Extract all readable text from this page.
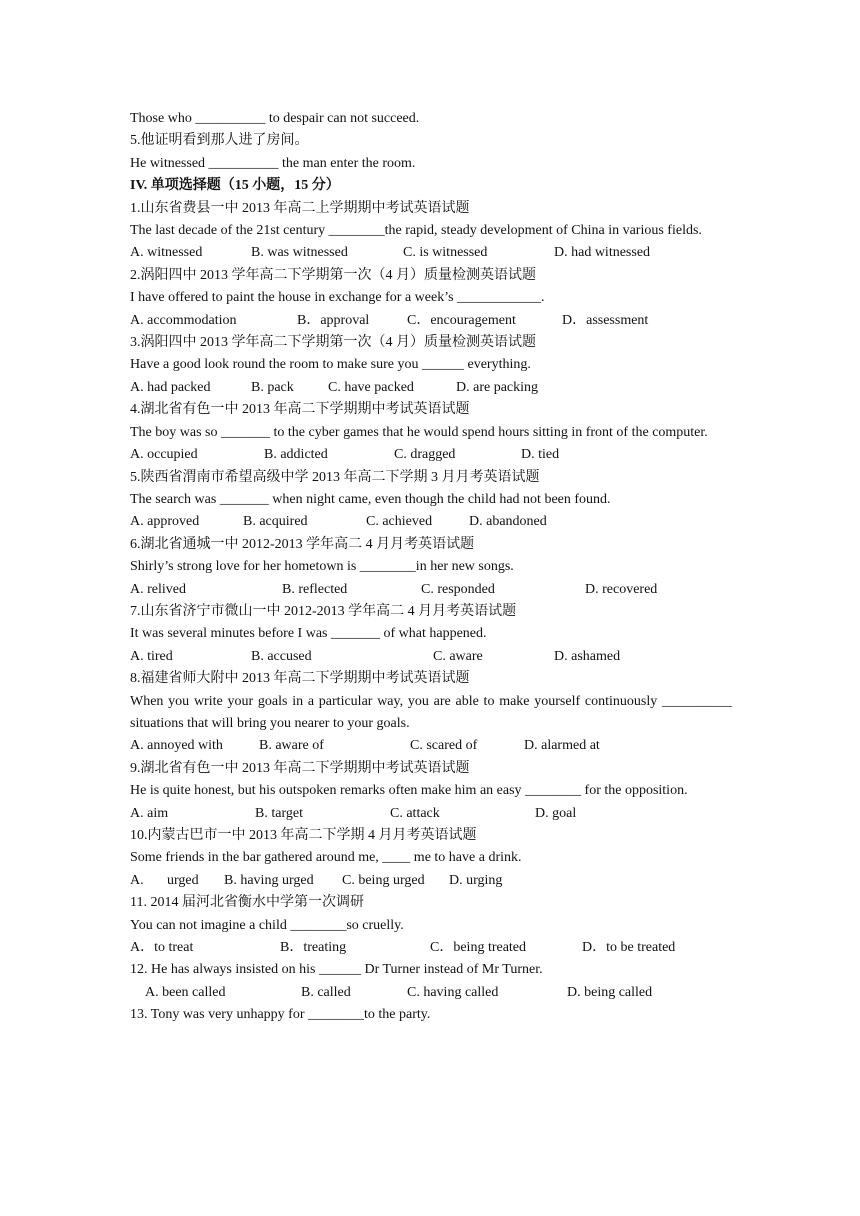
Those who __________ to despair can not succeed.
5.他证明看到那人进了房间。
He witnessed __________ the man enter the room.
IV. 单项选择题（15 小题，15 分）
1.山东省费县一中 2013 年高二上学期期中考试英语试题
The last decade of the 21st century ________the rapid, steady development of China in various fields.
A. witnessed	B. was witnessed	C. is witnessed	D. had witnessed
2.涡阳四中 2013 学年高二下学期第一次（4 月）质量检测英语试题
I have offered to paint the house in exchange for a week’s ____________.
A. accommodation	B．approval	C．encouragement	D．assessment
3.涡阳四中 2013 学年高二下学期第一次（4 月）质量检测英语试题
Have a good look round the room to make sure you ______ everything.
A. had packed	B. pack	C. have packed	D. are packing
4.湖北省有色一中 2013 年高二下学期期中考试英语试题
The boy was so _______ to the cyber games that he would spend hours sitting in front of the computer.
A. occupied	B. addicted	C. dragged	D. tied
5.陕西省渭南市希望高级中学 2013 年高二下学期 3 月月考英语试题
The search was _______ when night came, even though the child had not been found.
A. approved	B. acquired	C. achieved	D. abandoned
6.湖北省通城一中 2012-2013 学年高二 4 月月考英语试题
Shirly’s strong love for her hometown is ________in her new songs.
A. relived	B. reflected	C. responded	D. recovered
7.山东省济宁市微山一中 2012-2013 学年高二 4 月月考英语试题
It was several minutes before I was _______ of what happened.
A. tired	B. accused	C. aware	D. ashamed
8.福建省师大附中 2013 年高二下学期期中考试英语试题
When you write your goals in a particular way, you are able to make yourself continuously __________ situations that will bring you nearer to your goals.
A. annoyed with	B. aware of	C. scared of	D. alarmed at
9.湖北省有色一中 2013 年高二下学期期中考试英语试题
He is quite honest, but his outspoken remarks often make him an easy ________ for the opposition.
A. aim	B. target	C. attack	D. goal
10.内蒙古巴市一中 2013 年高二下学期 4 月月考英语试题
Some friends in the bar gathered around me, ____ me to have a drink.
A.	urged	B. having urged	C. being urged	D. urging
11. 2014 届河北省衡水中学第一次调研
You can not imagine a child ________so cruelly.
A．to treat	B．treating	C．being treated	D．to be treated
12. He has always insisted on his ______ Dr Turner instead of Mr Turner.
A. been called	B. called	C. having called	D. being called
13. Tony was very unhappy for ________to the party.
